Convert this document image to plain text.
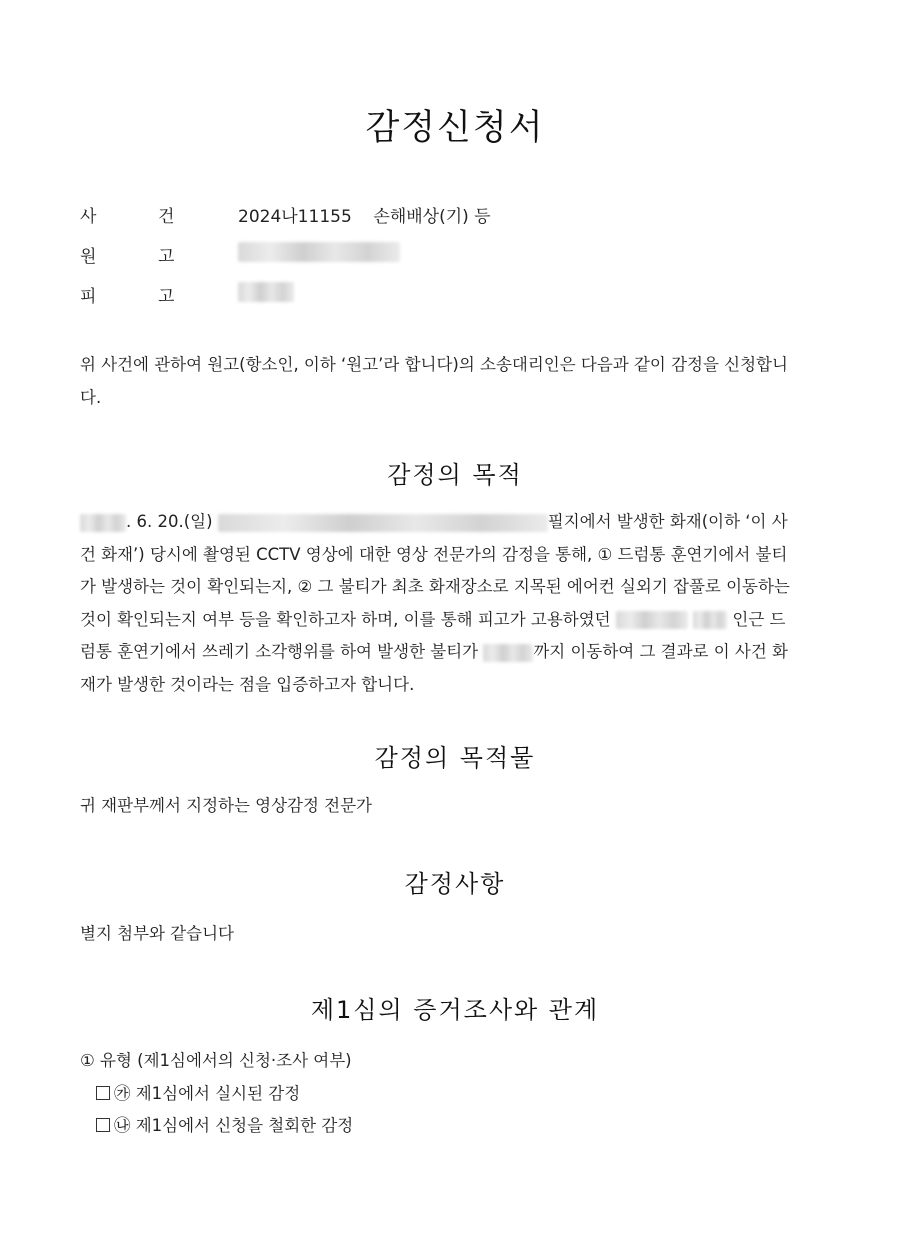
감정신청서
사	건	2024나11155 손해배상(기) 등
원	고
피	고

위 사건에 관하여 원고(항소인, 이하 ‘원고’라 합니다)의 소송대리인은 다음과 같이 감정을 신청합니다.

감정의 목적

. 6. 20.(일)	필지에서 발생한 화재(이하 ‘이 사건 화재’) 당시에 촬영된 CCTV 영상에 대한 영상 전문가의 감정을 통해, ① 드럼통 훈연기에서 불티가 발생하는 것이 확인되는지, ② 그 불티가 최초 화재장소로 지목된 에어컨 실외기 잡풀로 이동하는 것이 확인되는지 여부 등을 확인하고자 하며, 이를 통해 피고가 고용하였던	인근 드럼통 훈연기에서 쓰레기 소각행위를 하여 발생한 불티가	까지 이동하여 그 결과로 이 사건 화재가 발생한 것이라는 점을 입증하고자 합니다.

감정의 목적물

귀 재판부께서 지정하는 영상감정 전문가

감정사항

별지 첨부와 같습니다

제1심의 증거조사와 관계
① 유형 (제1심에서의 신청·조사 여부)
㉮ 제1심에서 실시된 감정
㉯ 제1심에서 신청을 철회한 감정
